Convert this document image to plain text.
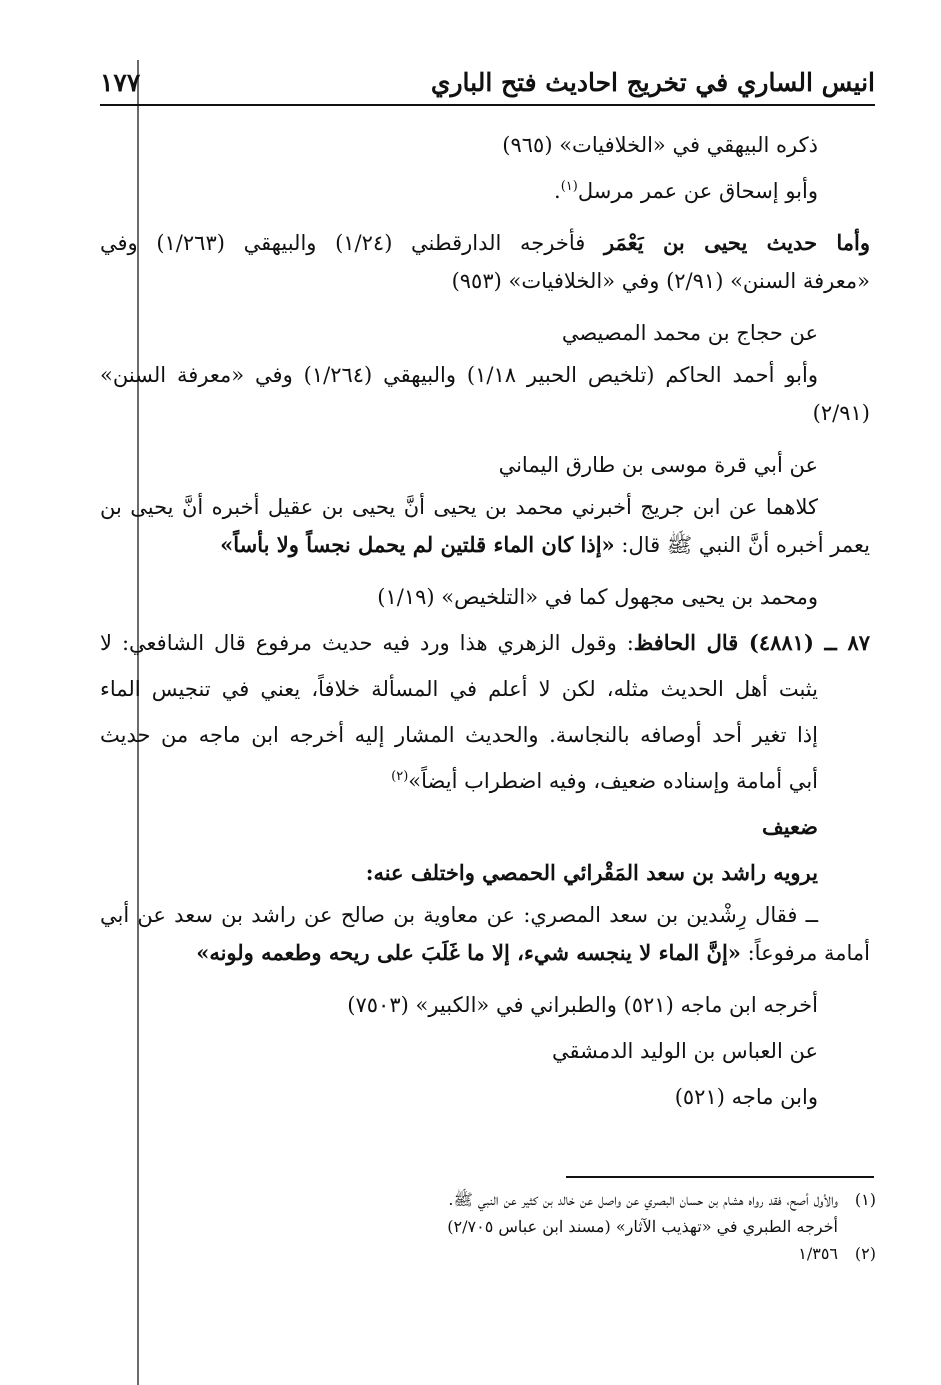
انيس الساري في تخريج احاديث فتح الباري
١٧٧

ذكره البيهقي في «الخلافيات» (٩٦٥)

وأبو إسحاق عن عمر مرسل$^{(١)}$.

وأما حديث يحيى بن يَعْمَر فأخرجه الدارقطني (١/٢٤) والبيهقي (١/٢٦٣) وفي

«معرفة السنن» (٢/٩١) وفي «الخلافيات» (٩٥٣)

عن حجاج بن محمد المصيصي

وأبو أحمد الحاكم (تلخيص الحبير ١/١٨) والبيهقي (١/٢٦٤) وفي «معرفة السنن»

(٢/٩١)

عن أبي قرة موسى بن طارق اليماني

كلاهما عن ابن جريج أخبرني محمد بن يحيى أنَّ يحيى بن عقيل أخبره أنَّ يحيى بن

يعمر أخبره أنَّ النبي ﷺ قال: «إذا كان الماء قلتين لم يحمل نجساً ولا بأساً»

ومحمد بن يحيى مجهول كما في «التلخيص» (١/١٩)

٨٧ ــ (٤٨٨١) قال الحافظ: وقول الزهري هذا ورد فيه حديث مرفوع قال الشافعي: لا

يثبت أهل الحديث مثله، لكن لا أعلم في المسألة خلافاً، يعني في تنجيس الماء

إذا تغير أحد أوصافه بالنجاسة. والحديث المشار إليه أخرجه ابن ماجه من حديث

أبي أمامة وإسناده ضعيف، وفيه اضطراب أيضاً»$^{(٢)}$

ضعيف

يرويه راشد بن سعد المَقْرائي الحمصي واختلف عنه:

ــ فقال رِشْدين بن سعد المصري: عن معاوية بن صالح عن راشد بن سعد عن أبي

أمامة مرفوعاً: «إنَّ الماء لا ينجسه شيء، إلا ما غَلَبَ على ريحه وطعمه ولونه»

أخرجه ابن ماجه (٥٢١) والطبراني في «الكبير» (٧٥٠٣)

عن العباس بن الوليد الدمشقي

وابن ماجه (٥٢١)

(١)والأول أصح، فقد رواه هشام بن حسان البصري عن واصل عن خالد بن كثير عن النبي ﷺ.
أخرجه الطبري في «تهذيب الآثار» (مسند ابن عباس ٢/٧٠٥)
(٢)١/٣٥٦
